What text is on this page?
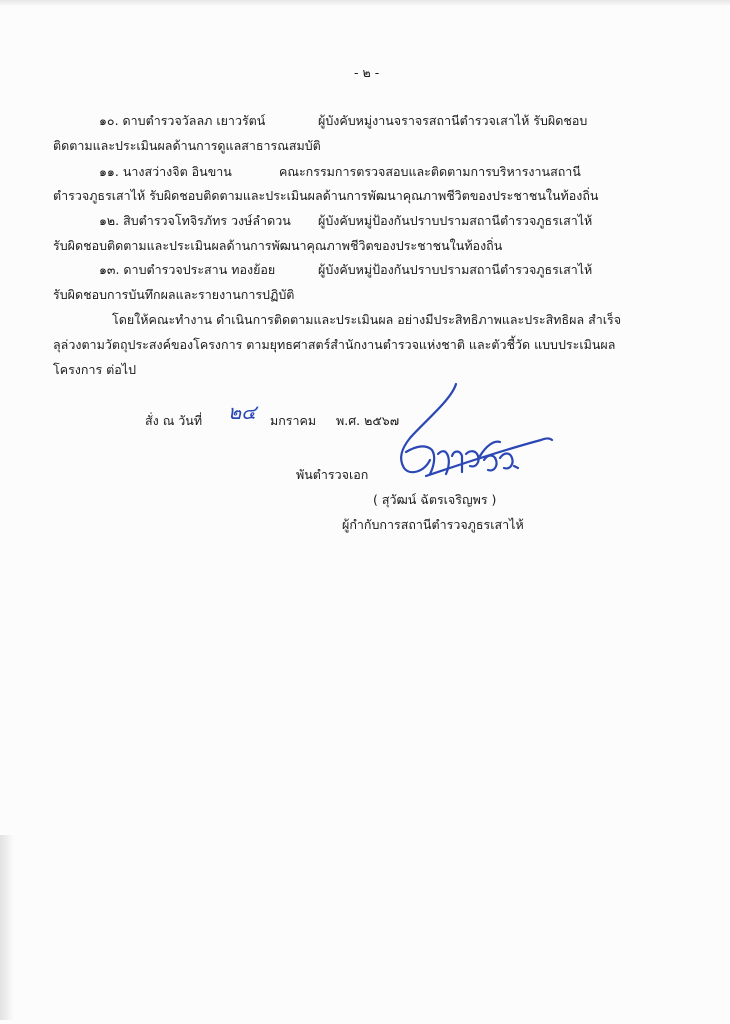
- ๒ -
๑๐. ดาบตำรวจวัลลภ เยาวรัตน์	ผู้บังคับหมู่งานจราจรสถานีตำรวจเสาไห้ รับผิดชอบ
ติดตามและประเมินผลด้านการดูแลสาธารณสมบัติ
๑๑. นางสว่างจิต อินขาน	คณะกรรมการตรวจสอบและติดตามการบริหารงานสถานี
ตำรวจภูธรเสาไห้ รับผิดชอบติดตามและประเมินผลด้านการพัฒนาคุณภาพชีวิตของประชาชนในท้องถิ่น
๑๒. สิบตำรวจโทจิรภัทร วงษ์ลำดวน ผู้บังคับหมู่ป้องกันปราบปรามสถานีตำรวจภูธรเสาไห้
รับผิดชอบติดตามและประเมินผลด้านการพัฒนาคุณภาพชีวิตของประชาชนในท้องถิ่น
๑๓. ดาบตำรวจประสาน ทองย้อย	ผู้บังคับหมู่ป้องกันปราบปรามสถานีตำรวจภูธรเสาไห้
รับผิดชอบการบันทึกผลและรายงานการปฏิบัติ
โดยให้คณะทำงาน ดำเนินการติดตามและประเมินผล อย่างมีประสิทธิภาพและประสิทธิผล สำเร็จ
ลุล่วงตามวัตถุประสงค์ของโครงการ ตามยุทธศาสตร์สำนักงานตำรวจแห่งชาติ และตัวชี้วัด แบบประเมินผล
โครงการ ต่อไป
สั่ง ณ วันที่ ๒๔ มกราคม พ.ศ. ๒๕๖๗
พันตำรวจเอก
( สุวัฒน์ ฉัตรเจริญพร )
ผู้กำกับการสถานีตำรวจภูธรเสาไห้
